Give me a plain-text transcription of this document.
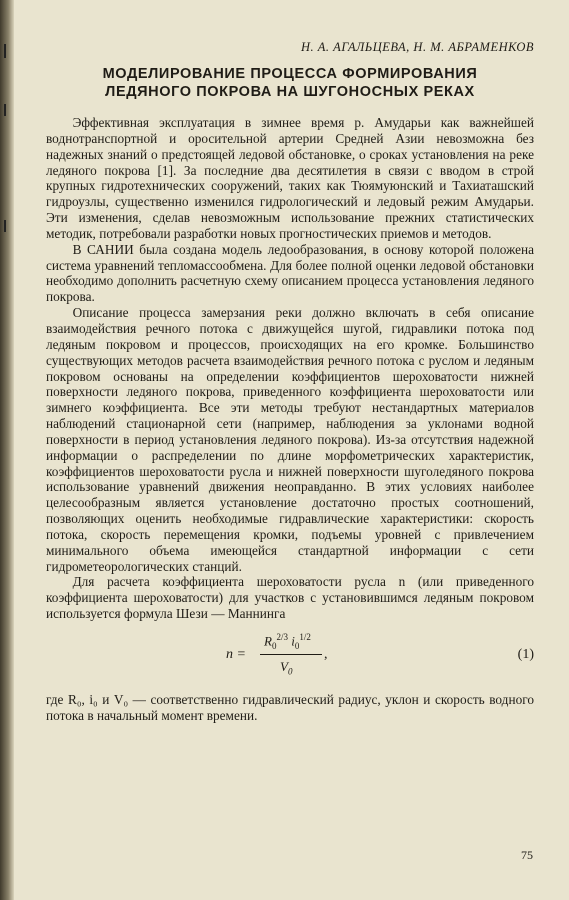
Н. А. АГАЛЬЦЕВА, Н. М. АБРАМЕНКОВ
МОДЕЛИРОВАНИЕ ПРОЦЕССА ФОРМИРОВАНИЯ
ЛЕДЯНОГО ПОКРОВА НА ШУГОНОСНЫХ РЕКАХ

Эффективная эксплуатация в зимнее время р. Амударьи как важнейшей воднотранспортной и оросительной артерии Средней Азии невозможна без надежных знаний о предстоящей ледовой обстановке, о сроках установления на реке ледяного покрова [1]. За последние два десятилетия в связи с вводом в строй крупных гидротехнических сооружений, таких как Тюямуюнский и Тахиаташский гидроузлы, существенно изменился гидрологический и ледовый режим Амударьи. Эти изменения, сделав невозможным использование прежних статистических методик, потребовали разработки новых прогностических приемов и методов.

В САНИИ была создана модель ледообразования, в основу которой положена система уравнений тепломассообмена. Для более полной оценки ледовой обстановки необходимо дополнить расчетную схему описанием процесса установления ледяного покрова.

Описание процесса замерзания реки должно включать в себя описание взаимодействия речного потока с движущейся шугой, гидравлики потока под ледяным покровом и процессов, происходящих на его кромке. Большинство существующих методов расчета взаимодействия речного потока с руслом и ледяным покровом основаны на определении коэффициентов шероховатости нижней поверхности ледяного покрова, приведенного коэффициента шероховатости или зимнего коэффициента. Все эти методы требуют нестандартных материалов наблюдений стационарной сети (например, наблюдения за уклонами водной поверхности в период установления ледяного покрова). Из-за отсутствия надежной информации о распределении по длине морфометрических характеристик, коэффициентов шероховатости русла и нижней поверхности шуголедяного покрова использование уравнений движения неоправданно. В этих условиях наиболее целесообразным является установление достаточно простых соотношений, позволяющих оценить необходимые гидравлические характеристики: скорость потока, скорость перемещения кромки, подъемы уровней с привлечением минимального объема имеющейся стандартной информации с сети гидрометеорологических станций.

Для расчета коэффициента шероховатости русла n (или приведенного коэффициента шероховатости) для участков с установившимся ледяным покровом используется формула Шези — Маннинга

n =
$R_0^{2/3}$ $i_0^{1/2}$
$V_0$
,	(1)

где R₀, i₀ и V₀ — соответственно гидравлический радиус, уклон и скорость водного потока в начальный момент времени.

75
